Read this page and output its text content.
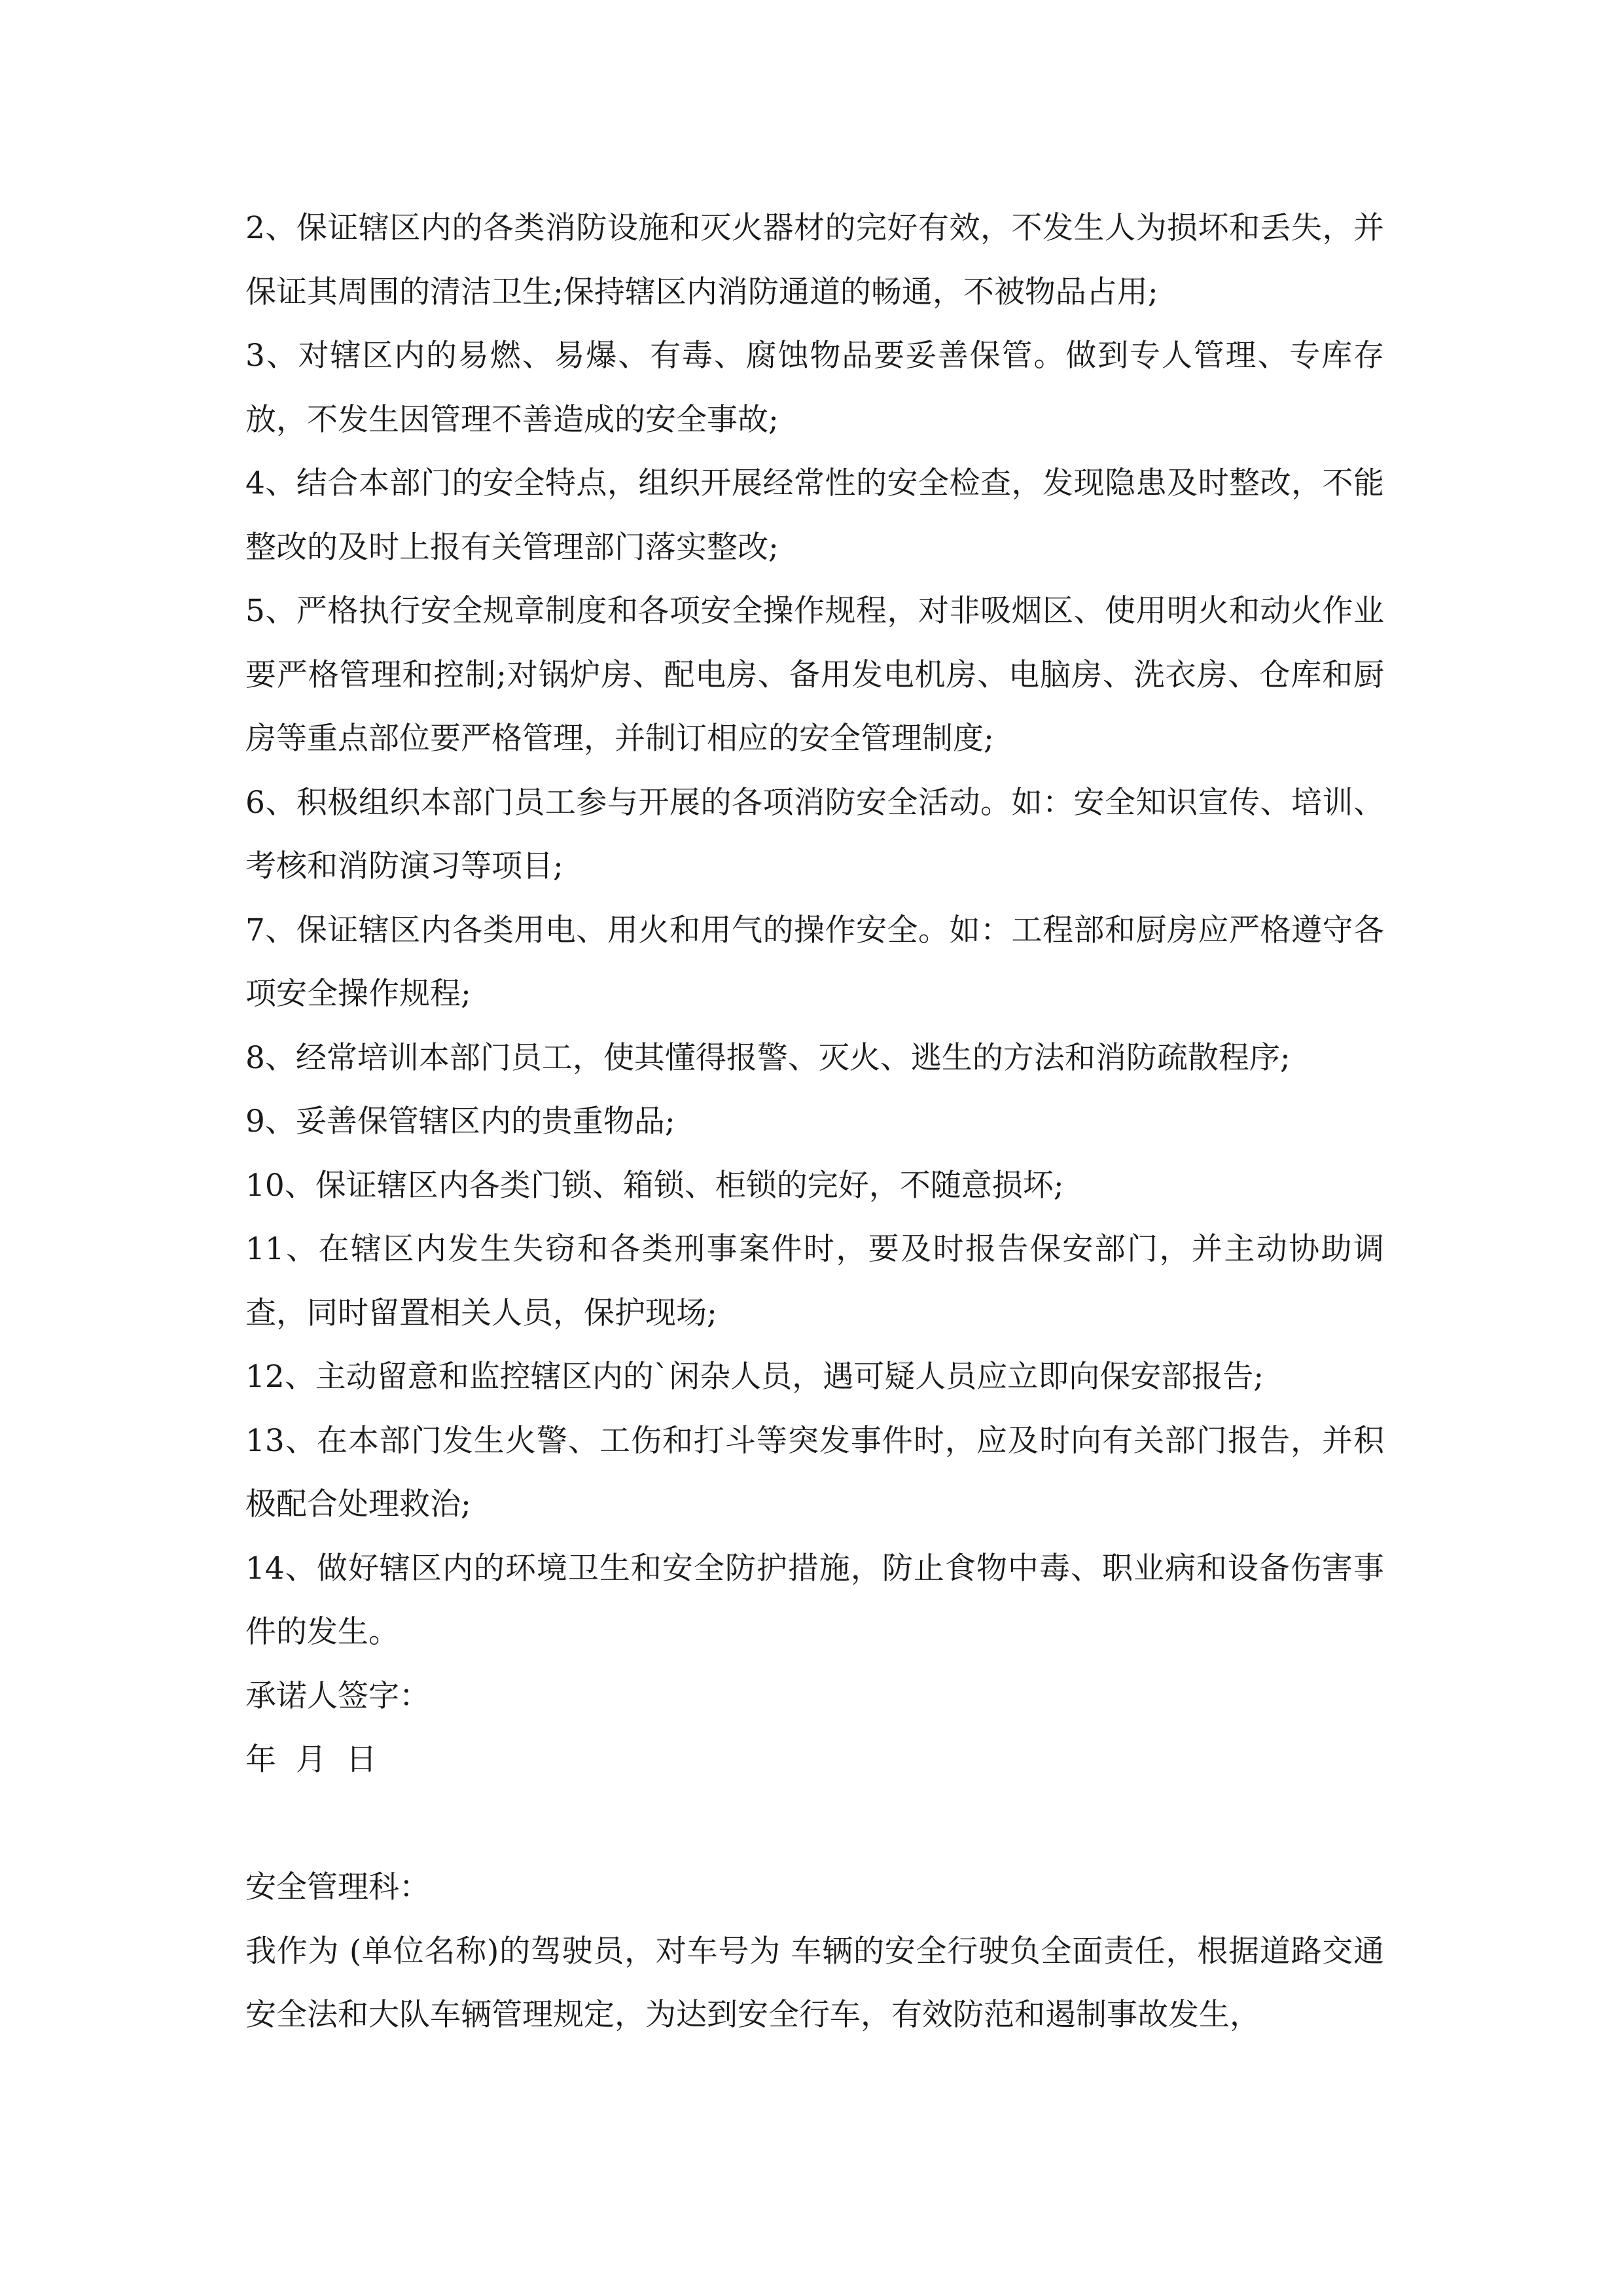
2、保证辖区内的各类消防设施和灭火器材的完好有效，不发生人为损坏和丢失，并保证其周围的清洁卫生;保持辖区内消防通道的畅通，不被物品占用;

3、对辖区内的易燃、易爆、有毒、腐蚀物品要妥善保管。做到专人管理、专库存放，不发生因管理不善造成的安全事故;

4、结合本部门的安全特点，组织开展经常性的安全检查，发现隐患及时整改，不能整改的及时上报有关管理部门落实整改;

5、严格执行安全规章制度和各项安全操作规程，对非吸烟区、使用明火和动火作业要严格管理和控制;对锅炉房、配电房、备用发电机房、电脑房、洗衣房、仓库和厨房等重点部位要严格管理，并制订相应的安全管理制度;

6、积极组织本部门员工参与开展的各项消防安全活动。如：安全知识宣传、培训、考核和消防演习等项目;

7、保证辖区内各类用电、用火和用气的操作安全。如：工程部和厨房应严格遵守各项安全操作规程;

8、经常培训本部门员工，使其懂得报警、灭火、逃生的方法和消防疏散程序;

9、妥善保管辖区内的贵重物品;

10、保证辖区内各类门锁、箱锁、柜锁的完好，不随意损坏;

11、在辖区内发生失窃和各类刑事案件时，要及时报告保安部门，并主动协助调查，同时留置相关人员，保护现场;

12、主动留意和监控辖区内的`闲杂人员，遇可疑人员应立即向保安部报告;

13、在本部门发生火警、工伤和打斗等突发事件时，应及时向有关部门报告，并积极配合处理救治;

14、做好辖区内的环境卫生和安全防护措施，防止食物中毒、职业病和设备伤害事件的发生。

承诺人签字：

年  月  日

安全管理科：

我作为 (单位名称)的驾驶员，对车号为 车辆的安全行驶负全面责任，根据道路交通安全法和大队车辆管理规定，为达到安全行车，有效防范和遏制事故发生，
